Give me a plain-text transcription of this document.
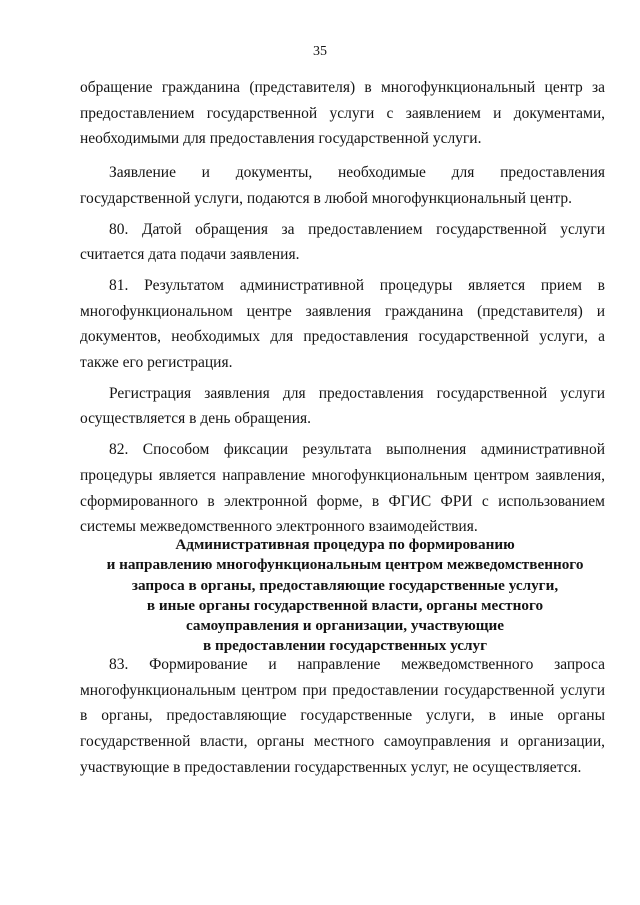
35

обращение гражданина (представителя) в многофункциональный центр за предоставлением государственной услуги с заявлением и документами, необходимыми для предоставления государственной услуги.

Заявление и документы, необходимые для предоставления государственной услуги, подаются в любой многофункциональный центр.

80. Датой обращения за предоставлением государственной услуги считается дата подачи заявления.

81. Результатом административной процедуры является прием в многофункциональном центре заявления гражданина (представителя) и документов, необходимых для предоставления государственной услуги, а также его регистрация.

Регистрация заявления для предоставления государственной услуги осуществляется в день обращения.

82. Способом фиксации результата выполнения административной процедуры является направление многофункциональным центром заявления, сформированного в электронной форме, в ФГИС ФРИ с использованием системы межведомственного электронного взаимодействия.

Административная процедура по формированию
и направлению многофункциональным центром межведомственного
запроса в органы, предоставляющие государственные услуги,
в иные органы государственной власти, органы местного
самоуправления и организации, участвующие
в предоставлении государственных услуг

83. Формирование и направление межведомственного запроса многофункциональным центром при предоставлении государственной услуги в органы, предоставляющие государственные услуги, в иные органы государственной власти, органы местного самоуправления и организации, участвующие в предоставлении государственных услуг, не осуществляется.
